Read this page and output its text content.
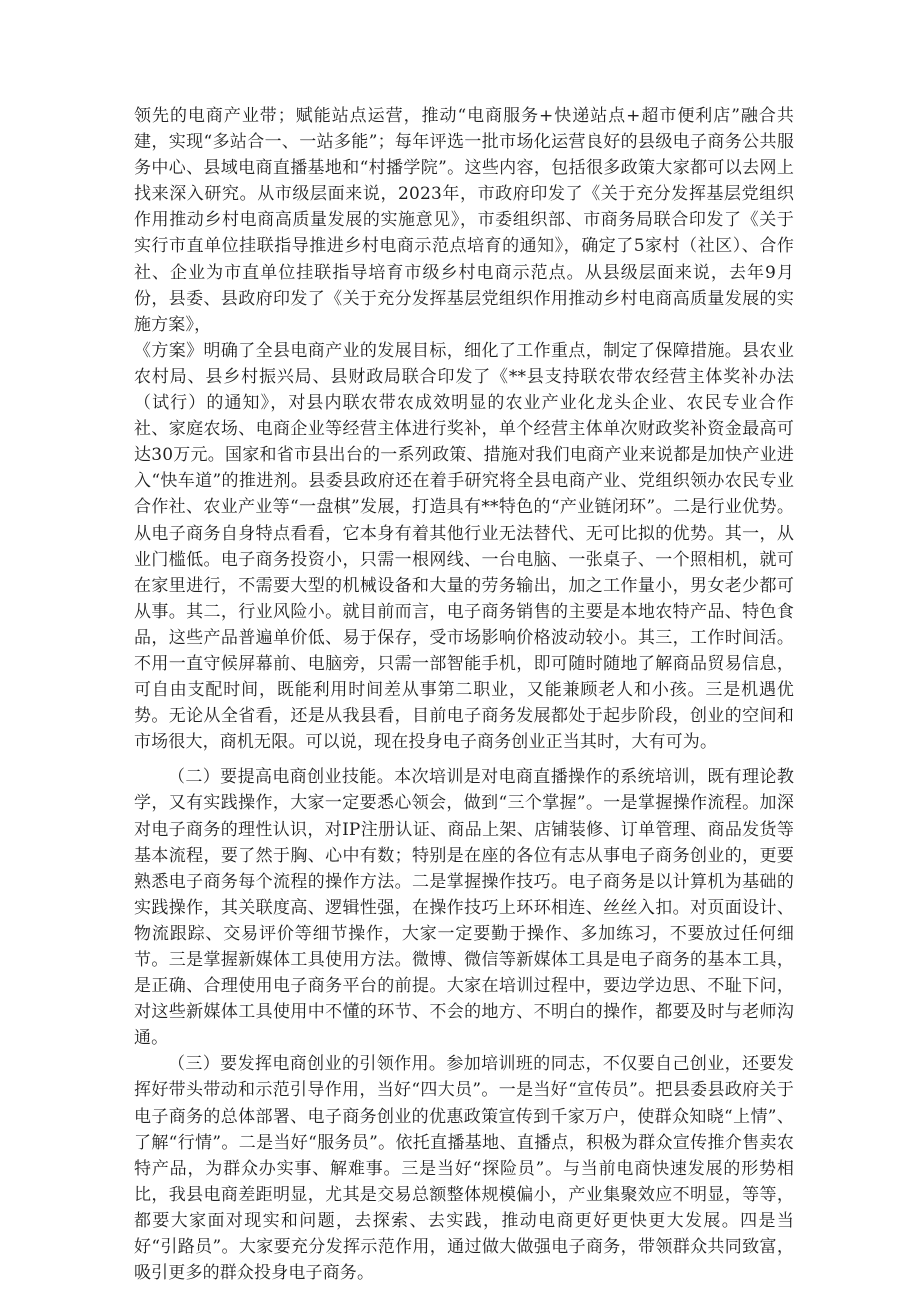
领先的电商产业带；赋能站点运营，推动“电商服务+快递站点+超市便利店”融合共建，实现“多站合一、一站多能”；每年评选一批市场化运营良好的县级电子商务公共服务中心、县域电商直播基地和“村播学院”。这些内容，包括很多政策大家都可以去网上找来深入研究。从市级层面来说，2023年，市政府印发了《关于充分发挥基层党组织作用推动乡村电商高质量发展的实施意见》，市委组织部、市商务局联合印发了《关于实行市直单位挂联指导推进乡村电商示范点培育的通知》，确定了5家村（社区）、合作社、企业为市直单位挂联指导培育市级乡村电商示范点。从县级层面来说，去年9月份，县委、县政府印发了《关于充分发挥基层党组织作用推动乡村电商高质量发展的实施方案》，

《方案》明确了全县电商产业的发展目标，细化了工作重点，制定了保障措施。县农业农村局、县乡村振兴局、县财政局联合印发了《**县支持联农带农经营主体奖补办法（试行）的通知》，对县内联农带农成效明显的农业产业化龙头企业、农民专业合作社、家庭农场、电商企业等经营主体进行奖补，单个经营主体单次财政奖补资金最高可达30万元。国家和省市县出台的一系列政策、措施对我们电商产业来说都是加快产业进入“快车道”的推进剂。县委县政府还在着手研究将全县电商产业、党组织领办农民专业合作社、农业产业等“一盘棋”发展，打造具有**特色的“产业链闭环”。二是行业优势。从电子商务自身特点看看，它本身有着其他行业无法替代、无可比拟的优势。其一，从业门槛低。电子商务投资小，只需一根网线、一台电脑、一张桌子、一个照相机，就可在家里进行，不需要大型的机械设备和大量的劳务输出，加之工作量小，男女老少都可从事。其二，行业风险小。就目前而言，电子商务销售的主要是本地农特产品、特色食品，这些产品普遍单价低、易于保存，受市场影响价格波动较小。其三，工作时间活。不用一直守候屏幕前、电脑旁，只需一部智能手机，即可随时随地了解商品贸易信息，可自由支配时间，既能利用时间差从事第二职业，又能兼顾老人和小孩。三是机遇优势。无论从全省看，还是从我县看，目前电子商务发展都处于起步阶段，创业的空间和市场很大，商机无限。可以说，现在投身电子商务创业正当其时，大有可为。

（二）要提高电商创业技能。本次培训是对电商直播操作的系统培训，既有理论教学，又有实践操作，大家一定要悉心领会，做到“三个掌握”。一是掌握操作流程。加深对电子商务的理性认识，对IP注册认证、商品上架、店铺装修、订单管理、商品发货等基本流程，要了然于胸、心中有数；特别是在座的各位有志从事电子商务创业的，更要熟悉电子商务每个流程的操作方法。二是掌握操作技巧。电子商务是以计算机为基础的实践操作，其关联度高、逻辑性强，在操作技巧上环环相连、丝丝入扣。对页面设计、物流跟踪、交易评价等细节操作，大家一定要勤于操作、多加练习，不要放过任何细节。三是掌握新媒体工具使用方法。微博、微信等新媒体工具是电子商务的基本工具，是正确、合理使用电子商务平台的前提。大家在培训过程中，要边学边思、不耻下问，对这些新媒体工具使用中不懂的环节、不会的地方、不明白的操作，都要及时与老师沟通。

（三）要发挥电商创业的引领作用。参加培训班的同志，不仅要自己创业，还要发挥好带头带动和示范引导作用，当好“四大员”。一是当好“宣传员”。把县委县政府关于电子商务的总体部署、电子商务创业的优惠政策宣传到千家万户，使群众知晓“上情”、了解“行情”。二是当好“服务员”。依托直播基地、直播点，积极为群众宣传推介售卖农特产品，为群众办实事、解难事。三是当好“探险员”。与当前电商快速发展的形势相比，我县电商差距明显，尤其是交易总额整体规模偏小，产业集聚效应不明显，等等，都要大家面对现实和问题，去探索、去实践，推动电商更好更快更大发展。四是当好“引路员”。大家要充分发挥示范作用，通过做大做强电子商务，带领群众共同致富，吸引更多的群众投身电子商务。
